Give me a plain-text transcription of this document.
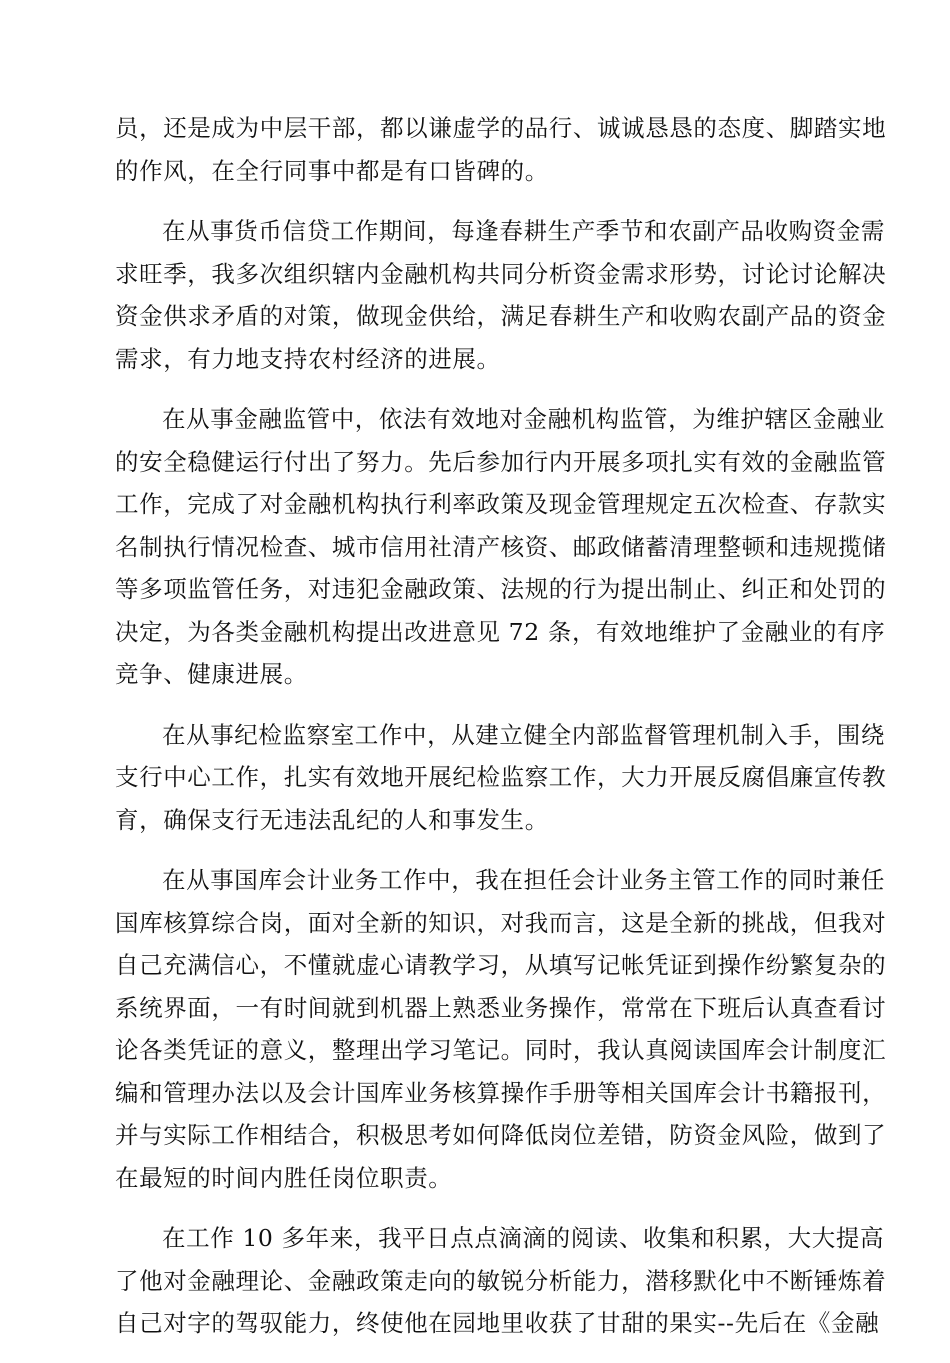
员，还是成为中层干部，都以谦虚学的品行、诚诚恳恳的态度、脚踏实地
的作风，在全行同事中都是有口皆碑的。

在从事货币信贷工作期间，每逢春耕生产季节和农副产品收购资金需
求旺季，我多次组织辖内金融机构共同分析资金需求形势，讨论讨论解决
资金供求矛盾的对策，做现金供给，满足春耕生产和收购农副产品的资金
需求，有力地支持农村经济的进展。

在从事金融监管中，依法有效地对金融机构监管，为维护辖区金融业
的安全稳健运行付出了努力。先后参加行内开展多项扎实有效的金融监管
工作，完成了对金融机构执行利率政策及现金管理规定五次检查、存款实
名制执行情况检查、城市信用社清产核资、邮政储蓄清理整顿和违规揽储
等多项监管任务，对违犯金融政策、法规的行为提出制止、纠正和处罚的
决定，为各类金融机构提出改进意见 72 条，有效地维护了金融业的有序
竞争、健康进展。

在从事纪检监察室工作中，从建立健全内部监督管理机制入手，围绕
支行中心工作，扎实有效地开展纪检监察工作，大力开展反腐倡廉宣传教
育，确保支行无违法乱纪的人和事发生。

在从事国库会计业务工作中，我在担任会计业务主管工作的同时兼任
国库核算综合岗，面对全新的知识，对我而言，这是全新的挑战，但我对
自己充满信心，不懂就虚心请教学习，从填写记帐凭证到操作纷繁复杂的
系统界面，一有时间就到机器上熟悉业务操作，常常在下班后认真查看讨
论各类凭证的意义，整理出学习笔记。同时，我认真阅读国库会计制度汇
编和管理办法以及会计国库业务核算操作手册等相关国库会计书籍报刊，
并与实际工作相结合，积极思考如何降低岗位差错，防资金风险，做到了
在最短的时间内胜任岗位职责。

在工作 10 多年来，我平日点点滴滴的阅读、收集和积累，大大提高
了他对金融理论、金融政策走向的敏锐分析能力，潜移默化中不断锤炼着
自己对字的驾驭能力，终使他在园地里收获了甘甜的果实--先后在《金融
